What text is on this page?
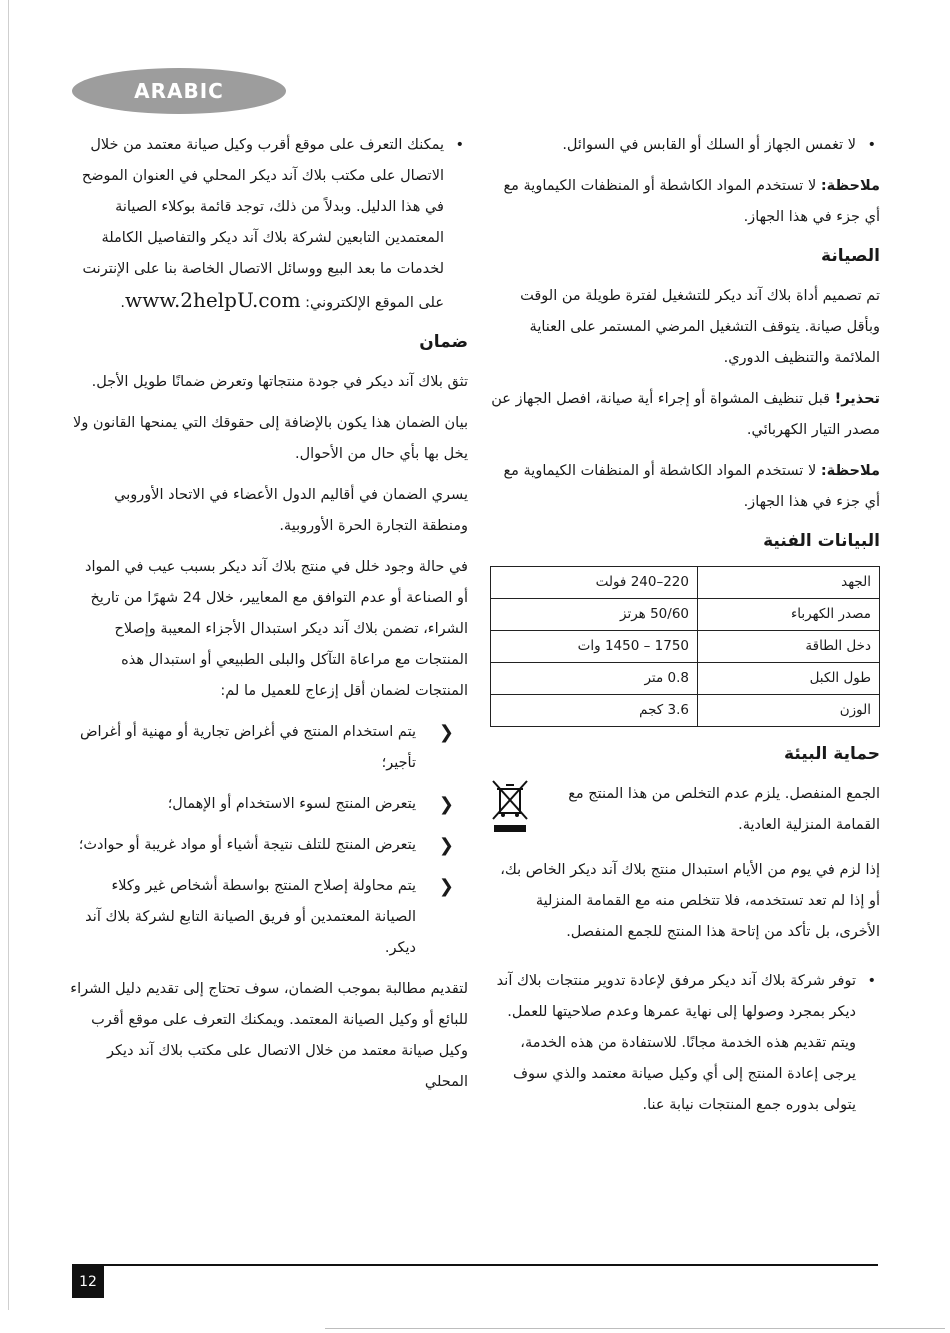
ARABIC

• لا تغمس الجهاز أو السلك أو القابس في السوائل.

ملاحظة: لا تستخدم المواد الكاشطة أو المنظفات الكيماوية مع أي جزء في هذا الجهاز.

الصيانة

تم تصميم أداة بلاك آند ديكر للتشغيل لفترة طويلة من الوقت وبأقل صيانة. يتوقف التشغيل المرضي المستمر على العناية الملائمة والتنظيف الدوري.

تحذير! قبل تنظيف المشواة أو إجراء أية صيانة، افصل الجهاز عن مصدر التيار الكهربائي.

ملاحظة: لا تستخدم المواد الكاشطة أو المنظفات الكيماوية مع أي جزء في هذا الجهاز.

البيانات الفنية
الجهد	220–240 فولت
مصدر الكهرباء	50/60 هرتز
دخل الطاقة	1750 – 1450 وات
طول الكبل	0.8 متر
الوزن	3.6 كجم
حماية البيئة
الجمع المنفصل. يلزم عدم التخلص من هذا المنتج مع القمامة المنزلية العادية.

إذا لزم في يوم من الأيام استبدال منتج بلاك آند ديكر الخاص بك، أو إذا لم تعد تستخدمه، فلا تتخلص منه مع القمامة المنزلية الأخرى، بل تأكد من إتاحة هذا المنتج للجمع المنفصل.

• توفر شركة بلاك آند ديكر مرفق لإعادة تدوير منتجات بلاك آند ديكر بمجرد وصولها إلى نهاية عمرها وعدم صلاحيتها للعمل. ويتم تقديم هذه الخدمة مجانًا. للاستفادة من هذه الخدمة، يرجى إعادة المنتج إلى أي وكيل صيانة معتمد والذي سوف يتولى بدوره جمع المنتجات نيابة عنا.

• يمكنك التعرف على موقع أقرب وكيل صيانة معتمد من خلال الاتصال على مكتب بلاك آند ديكر المحلي في العنوان الموضح في هذا الدليل. وبدلاً من ذلك، توجد قائمة بوكلاء الصيانة المعتمدين التابعين لشركة بلاك آند ديكر والتفاصيل الكاملة لخدمات ما بعد البيع ووسائل الاتصال الخاصة بنا على الإنترنت على الموقع الإلكتروني: www.2helpU.com.

ضمان

تثق بلاك آند ديكر في جودة منتجاتها وتعرض ضمانًا طويل الأجل.

بيان الضمان هذا يكون بالإضافة إلى حقوقك التي يمنحها القانون ولا يخل بها بأي حال من الأحوال.

يسري الضمان في أقاليم الدول الأعضاء في الاتحاد الأوروبي ومنطقة التجارة الحرة الأوروبية.

في حالة وجود خلل في منتج بلاك آند ديكر بسبب عيب في المواد أو الصناعة أو عدم التوافق مع المعايير، خلال 24 شهرًا من تاريخ الشراء، تضمن بلاك آند ديكر استبدال الأجزاء المعيبة وإصلاح المنتجات مع مراعاة التآكل والبلى الطبيعي أو استبدال هذه المنتجات لضمان أقل إزعاج للعميل ما لم:

❮
يتم استخدام المنتج في أغراض تجارية أو مهنية أو أغراض تأجير؛
❮
يتعرض المنتج لسوء الاستخدام أو الإهمال؛
❮
يتعرض المنتج للتلف نتيجة أشياء أو مواد غريبة أو حوادث؛
❮
يتم محاولة إصلاح المنتج بواسطة أشخاص غير وكلاء الصيانة المعتمدين أو فريق الصيانة التابع لشركة بلاك آند ديكر.

لتقديم مطالبة بموجب الضمان، سوف تحتاج إلى تقديم دليل الشراء للبائع أو وكيل الصيانة المعتمد. ويمكنك التعرف على موقع أقرب وكيل صيانة معتمد من خلال الاتصال على مكتب بلاك آند ديكر المحلي

12
